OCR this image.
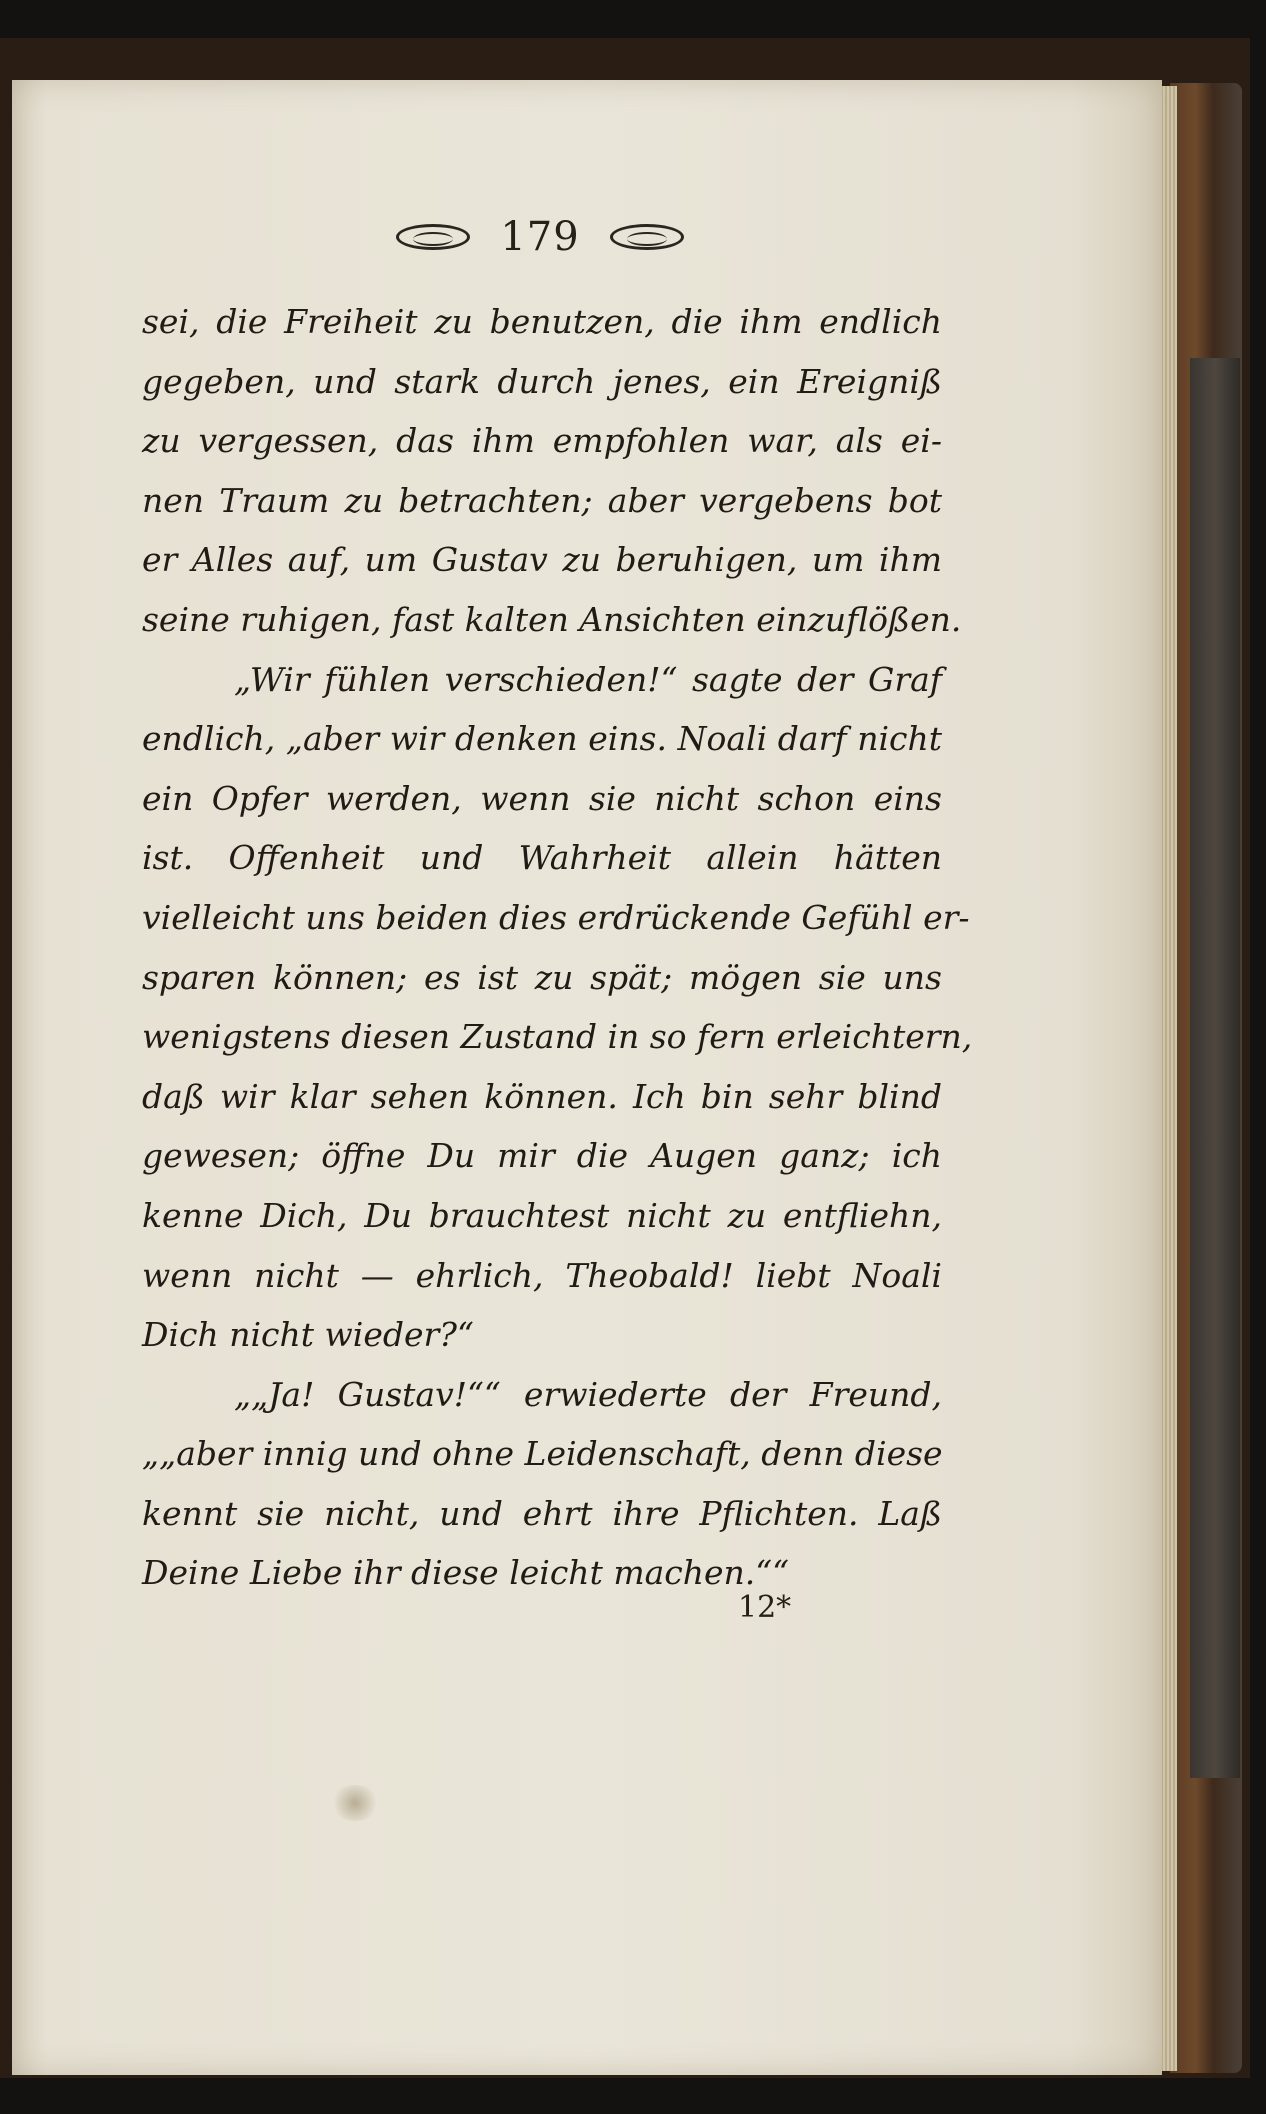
179
sei, die Freiheit zu benutzen, die ihm endlich
gegeben, und stark durch jenes, ein Ereigniß
zu vergessen, das ihm empfohlen war, als ei-
nen Traum zu betrachten; aber vergebens bot
er Alles auf, um Gustav zu beruhigen, um ihm
seine ruhigen, fast kalten Ansichten einzuflößen.
„Wir fühlen verschieden!“ sagte der Graf
endlich, „aber wir denken eins. Noali darf nicht
ein Opfer werden, wenn sie nicht schon eins
ist. Offenheit und Wahrheit allein hätten
vielleicht uns beiden dies erdrückende Gefühl er-
sparen können; es ist zu spät; mögen sie uns
wenigstens diesen Zustand in so fern erleichtern,
daß wir klar sehen können. Ich bin sehr blind
gewesen; öffne Du mir die Augen ganz; ich
kenne Dich, Du brauchtest nicht zu entfliehn,
wenn nicht — ehrlich, Theobald! liebt Noali
Dich nicht wieder?“
„„Ja! Gustav!““ erwiederte der Freund,
„„aber innig und ohne Leidenschaft, denn diese
kennt sie nicht, und ehrt ihre Pflichten. Laß
Deine Liebe ihr diese leicht machen.““
12*
